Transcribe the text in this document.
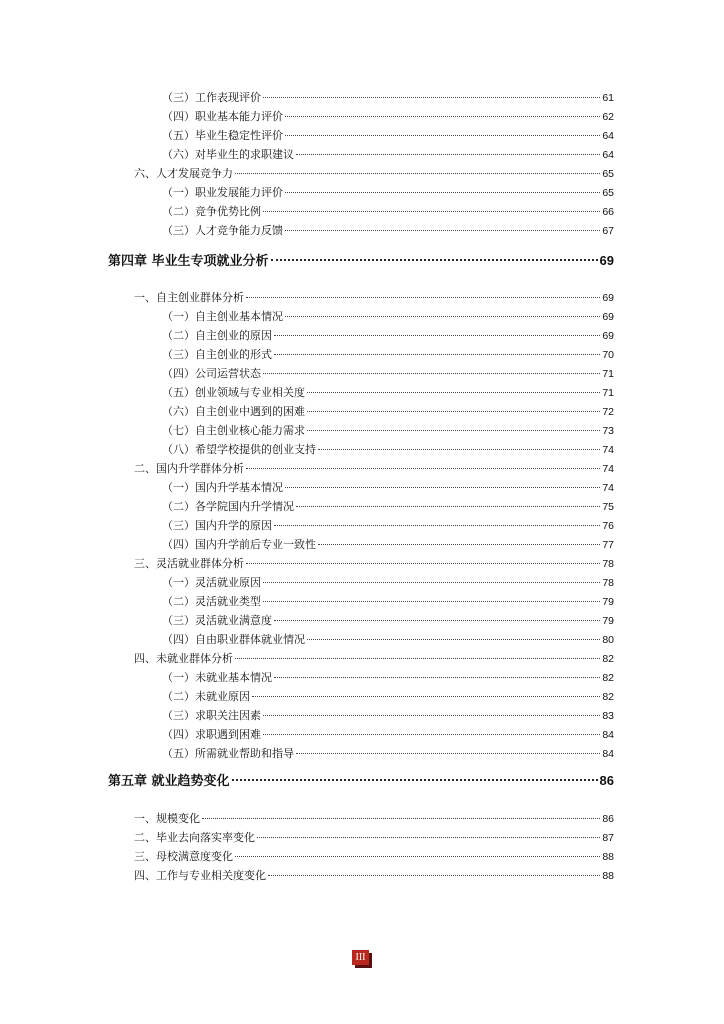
（三）工作表现评价	61
（四）职业基本能力评价	62
（五）毕业生稳定性评价	64
（六）对毕业生的求职建议	64
六、人才发展竞争力	65
（一）职业发展能力评价	65
（二）竞争优势比例	66
（三）人才竞争能力反馈	67
第四章 毕业生专项就业分析	69
一、自主创业群体分析	69
（一）自主创业基本情况	69
（二）自主创业的原因	69
（三）自主创业的形式	70
（四）公司运营状态	71
（五）创业领域与专业相关度	71
（六）自主创业中遇到的困难	72
（七）自主创业核心能力需求	73
（八）希望学校提供的创业支持	74
二、国内升学群体分析	74
（一）国内升学基本情况	74
（二）各学院国内升学情况	75
（三）国内升学的原因	76
（四）国内升学前后专业一致性	77
三、灵活就业群体分析	78
（一）灵活就业原因	78
（二）灵活就业类型	79
（三）灵活就业满意度	79
（四）自由职业群体就业情况	80
四、未就业群体分析	82
（一）未就业基本情况	82
（二）未就业原因	82
（三）求职关注因素	83
（四）求职遇到困难	84
（五）所需就业帮助和指导	84
第五章 就业趋势变化	86
一、规模变化	86
二、毕业去向落实率变化	87
三、母校满意度变化	88
四、工作与专业相关度变化	88
III
